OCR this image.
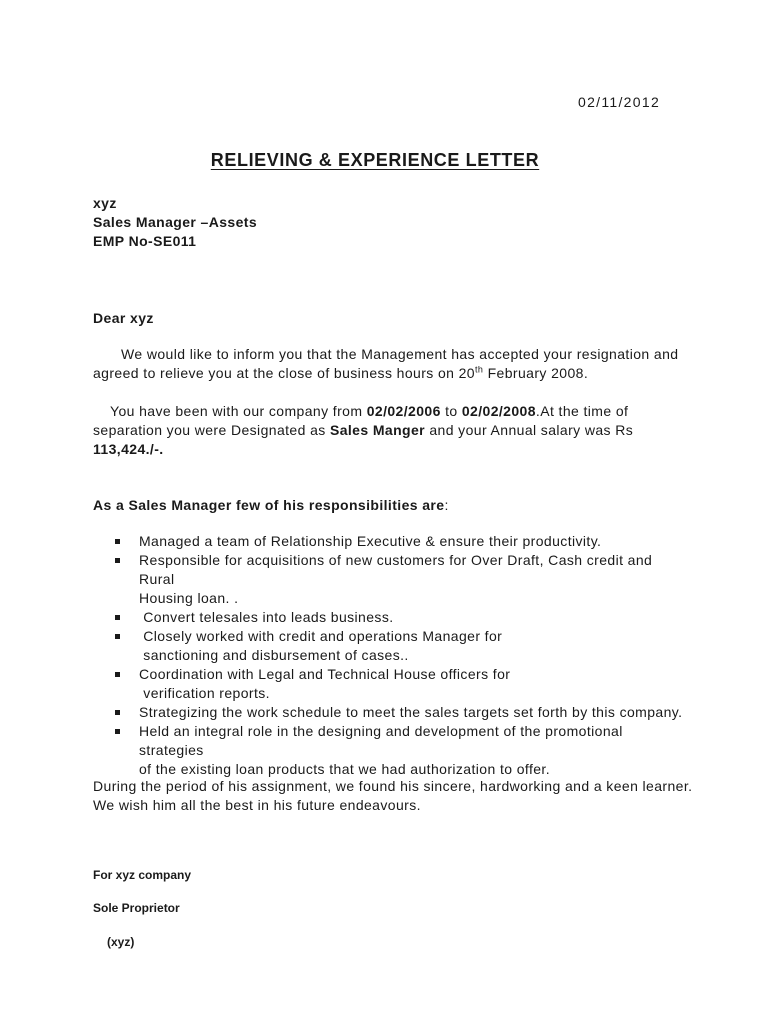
02/11/2012
RELIEVING & EXPERIENCE LETTER
xyz
Sales Manager –Assets
EMP No-SE011
Dear xyz
We would like to inform you that the Management has accepted your resignation and
agreed to relieve you at the close of business hours on 20th February 2008.
You have been with our company from 02/02/2006 to 02/02/2008.At the time of
separation you were Designated as Sales Manger and your Annual salary was Rs 113,424./-.
As a Sales Manager few of his responsibilities are:
Managed a team of Relationship Executive & ensure their productivity.
Responsible for acquisitions of new customers for Over Draft, Cash credit and Rural
Housing loan. .
Convert telesales into leads business.
Closely worked with credit and operations Manager for
sanctioning and disbursement of cases..
Coordination with Legal and Technical House officers for
verification reports.
Strategizing the work schedule to meet the sales targets set forth by this company.
Held an integral role in the designing and development of the promotional strategies
of the existing loan products that we had authorization to offer.
During the period of his assignment, we found his sincere, hardworking and a keen learner.
We wish him all the best in his future endeavours.
For xyz company
Sole Proprietor
(xyz)
